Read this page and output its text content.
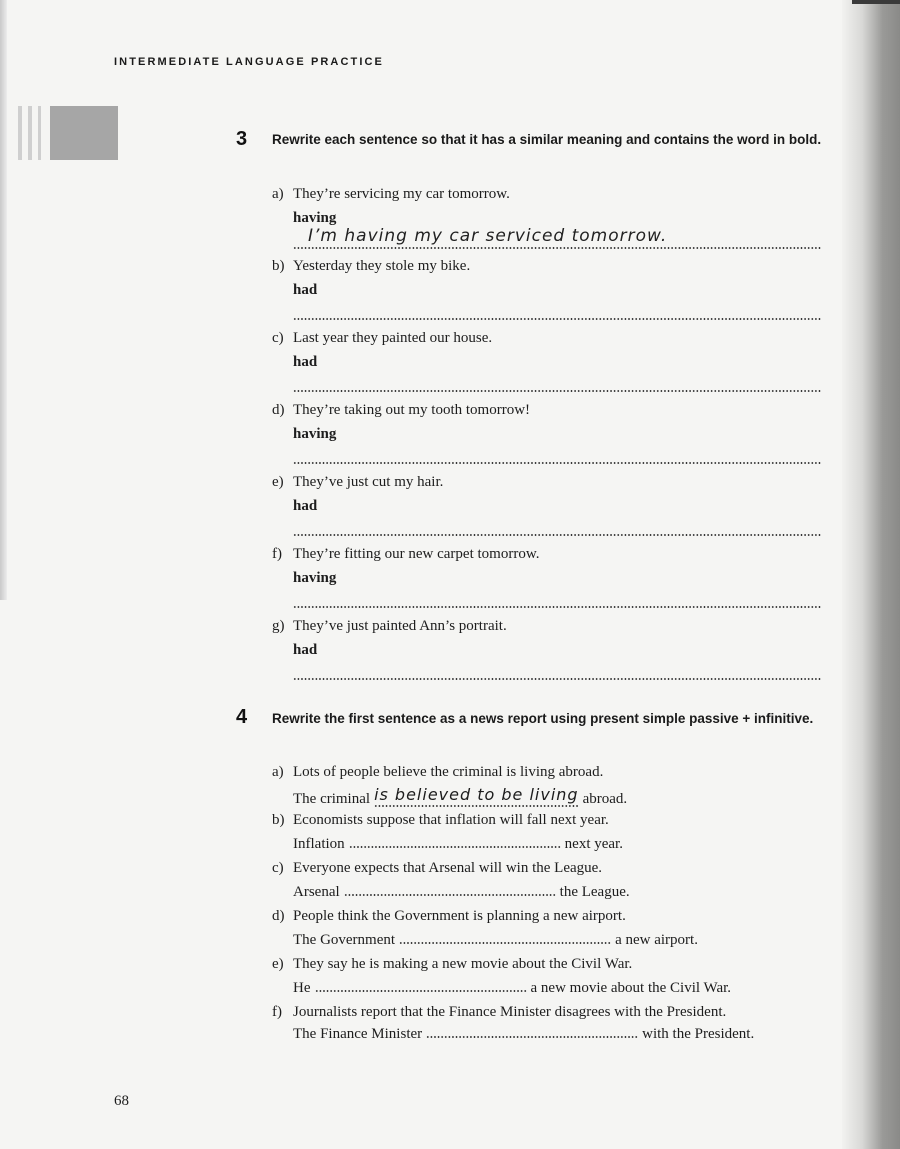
INTERMEDIATE LANGUAGE PRACTICE
3 Rewrite each sentence so that it has a similar meaning and contains the word in bold.
a) They’re servicing my car tomorrow.
having
I’m having my car serviced tomorrow.
b) Yesterday they stole my bike.
had
c) Last year they painted our house.
had
d) They’re taking out my tooth tomorrow!
having
e) They’ve just cut my hair.
had
f) They’re fitting our new carpet tomorrow.
having
g) They’ve just painted Ann’s portrait.
had
4 Rewrite the first sentence as a news report using present simple passive + infinitive.
a) Lots of people believe the criminal is living abroad.
The criminal is believed to be living abroad.
b) Economists suppose that inflation will fall next year.
Inflation	next year.
c) Everyone expects that Arsenal will win the League.
Arsenal	the League.
d) People think the Government is planning a new airport.
The Government	a new airport.
e) They say he is making a new movie about the Civil War.
He	a new movie about the Civil War.
f) Journalists report that the Finance Minister disagrees with the President.
The Finance Minister	with the President.
68
